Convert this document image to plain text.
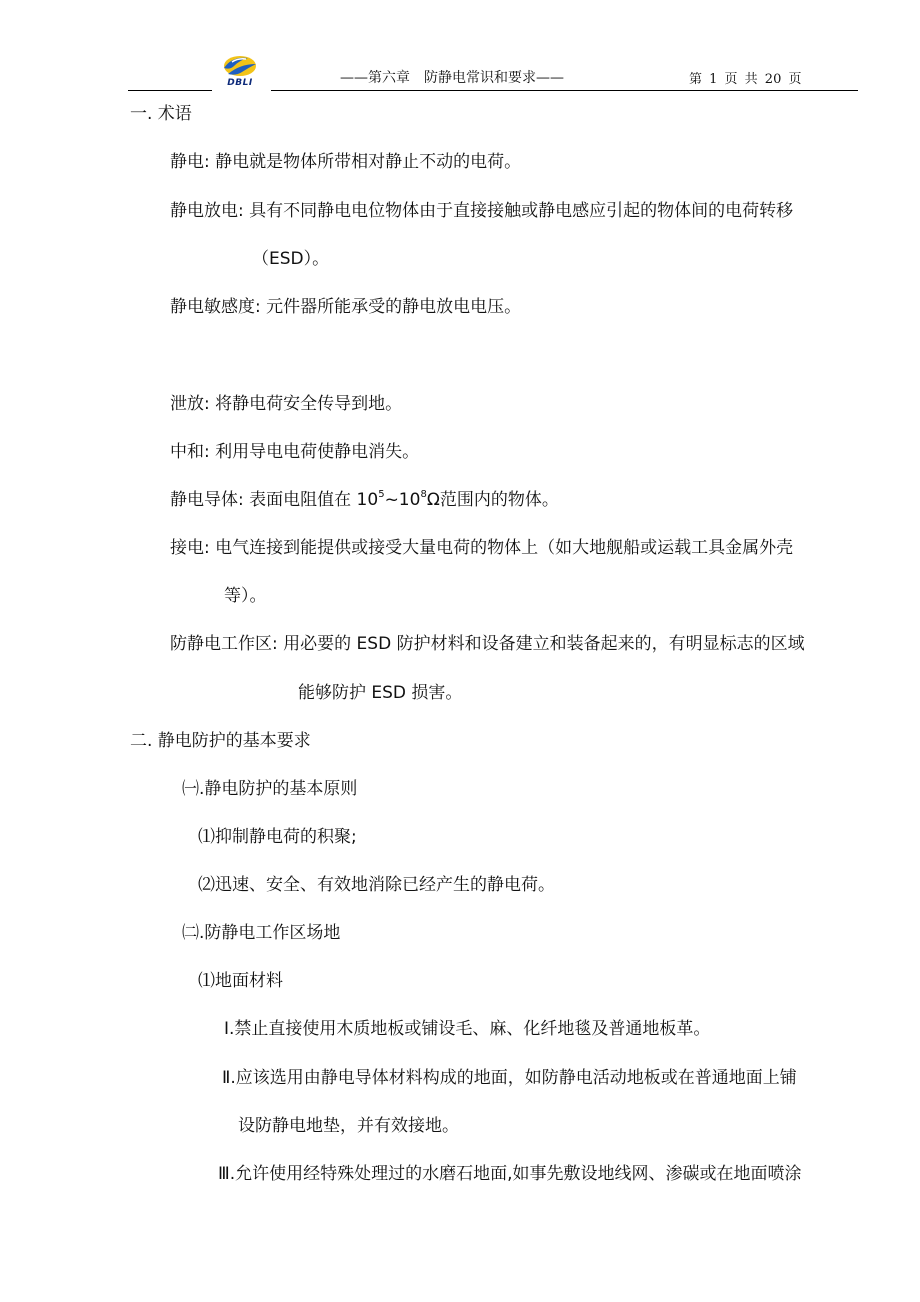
DBLI	——第六章　防静电常识和要求——	第 1 页 共 20 页
一. 术语
静电: 静电就是物体所带相对静止不动的电荷。
静电放电: 具有不同静电电位物体由于直接接触或静电感应引起的物体间的电荷转移
（ESD）。
静电敏感度: 元件器所能承受的静电放电电压。
泄放: 将静电荷安全传导到地。
中和: 利用导电电荷使静电消失。
静电导体: 表面电阻值在 $10^5\sim 10^8\Omega$范围内的物体。
接电: 电气连接到能提供或接受大量电荷的物体上（如大地舰船或运载工具金属外壳
等）。
防静电工作区: 用必要的 ESD 防护材料和设备建立和装备起来的，有明显标志的区域
能够防护 ESD 损害。
二. 静电防护的基本要求
㈠.静电防护的基本原则
⑴抑制静电荷的积聚;
⑵迅速、安全、有效地消除已经产生的静电荷。
㈡.防静电工作区场地
⑴地面材料
Ⅰ.禁止直接使用木质地板或铺设毛、麻、化纤地毯及普通地板革。
Ⅱ.应该选用由静电导体材料构成的地面，如防静电活动地板或在普通地面上铺
设防静电地垫，并有效接地。
Ⅲ.允许使用经特殊处理过的水磨石地面,如事先敷设地线网、渗碳或在地面喷涂
